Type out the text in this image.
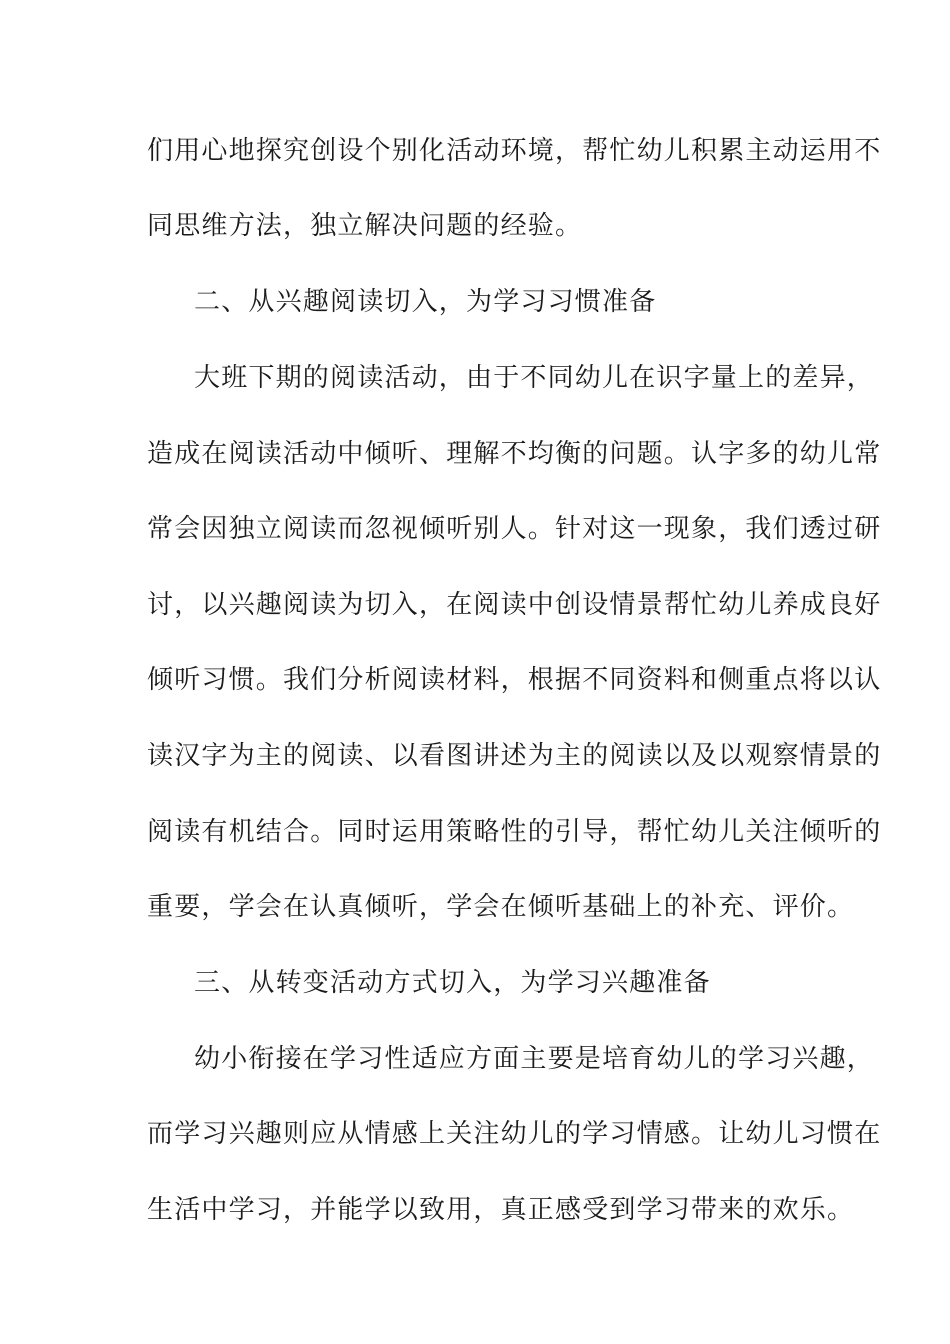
们用心地探究创设个别化活动环境，帮忙幼儿积累主动运用不
同思维方法，独立解决问题的经验。
二、从兴趣阅读切入，为学习习惯准备
大班下期的阅读活动，由于不同幼儿在识字量上的差异，
造成在阅读活动中倾听、理解不均衡的问题。认字多的幼儿常
常会因独立阅读而忽视倾听别人。针对这一现象，我们透过研
讨，以兴趣阅读为切入，在阅读中创设情景帮忙幼儿养成良好
倾听习惯。我们分析阅读材料，根据不同资料和侧重点将以认
读汉字为主的阅读、以看图讲述为主的阅读以及以观察情景的
阅读有机结合。同时运用策略性的引导，帮忙幼儿关注倾听的
重要，学会在认真倾听，学会在倾听基础上的补充、评价。
三、从转变活动方式切入，为学习兴趣准备
幼小衔接在学习性适应方面主要是培育幼儿的学习兴趣，
而学习兴趣则应从情感上关注幼儿的学习情感。让幼儿习惯在
生活中学习，并能学以致用，真正感受到学习带来的欢乐。
